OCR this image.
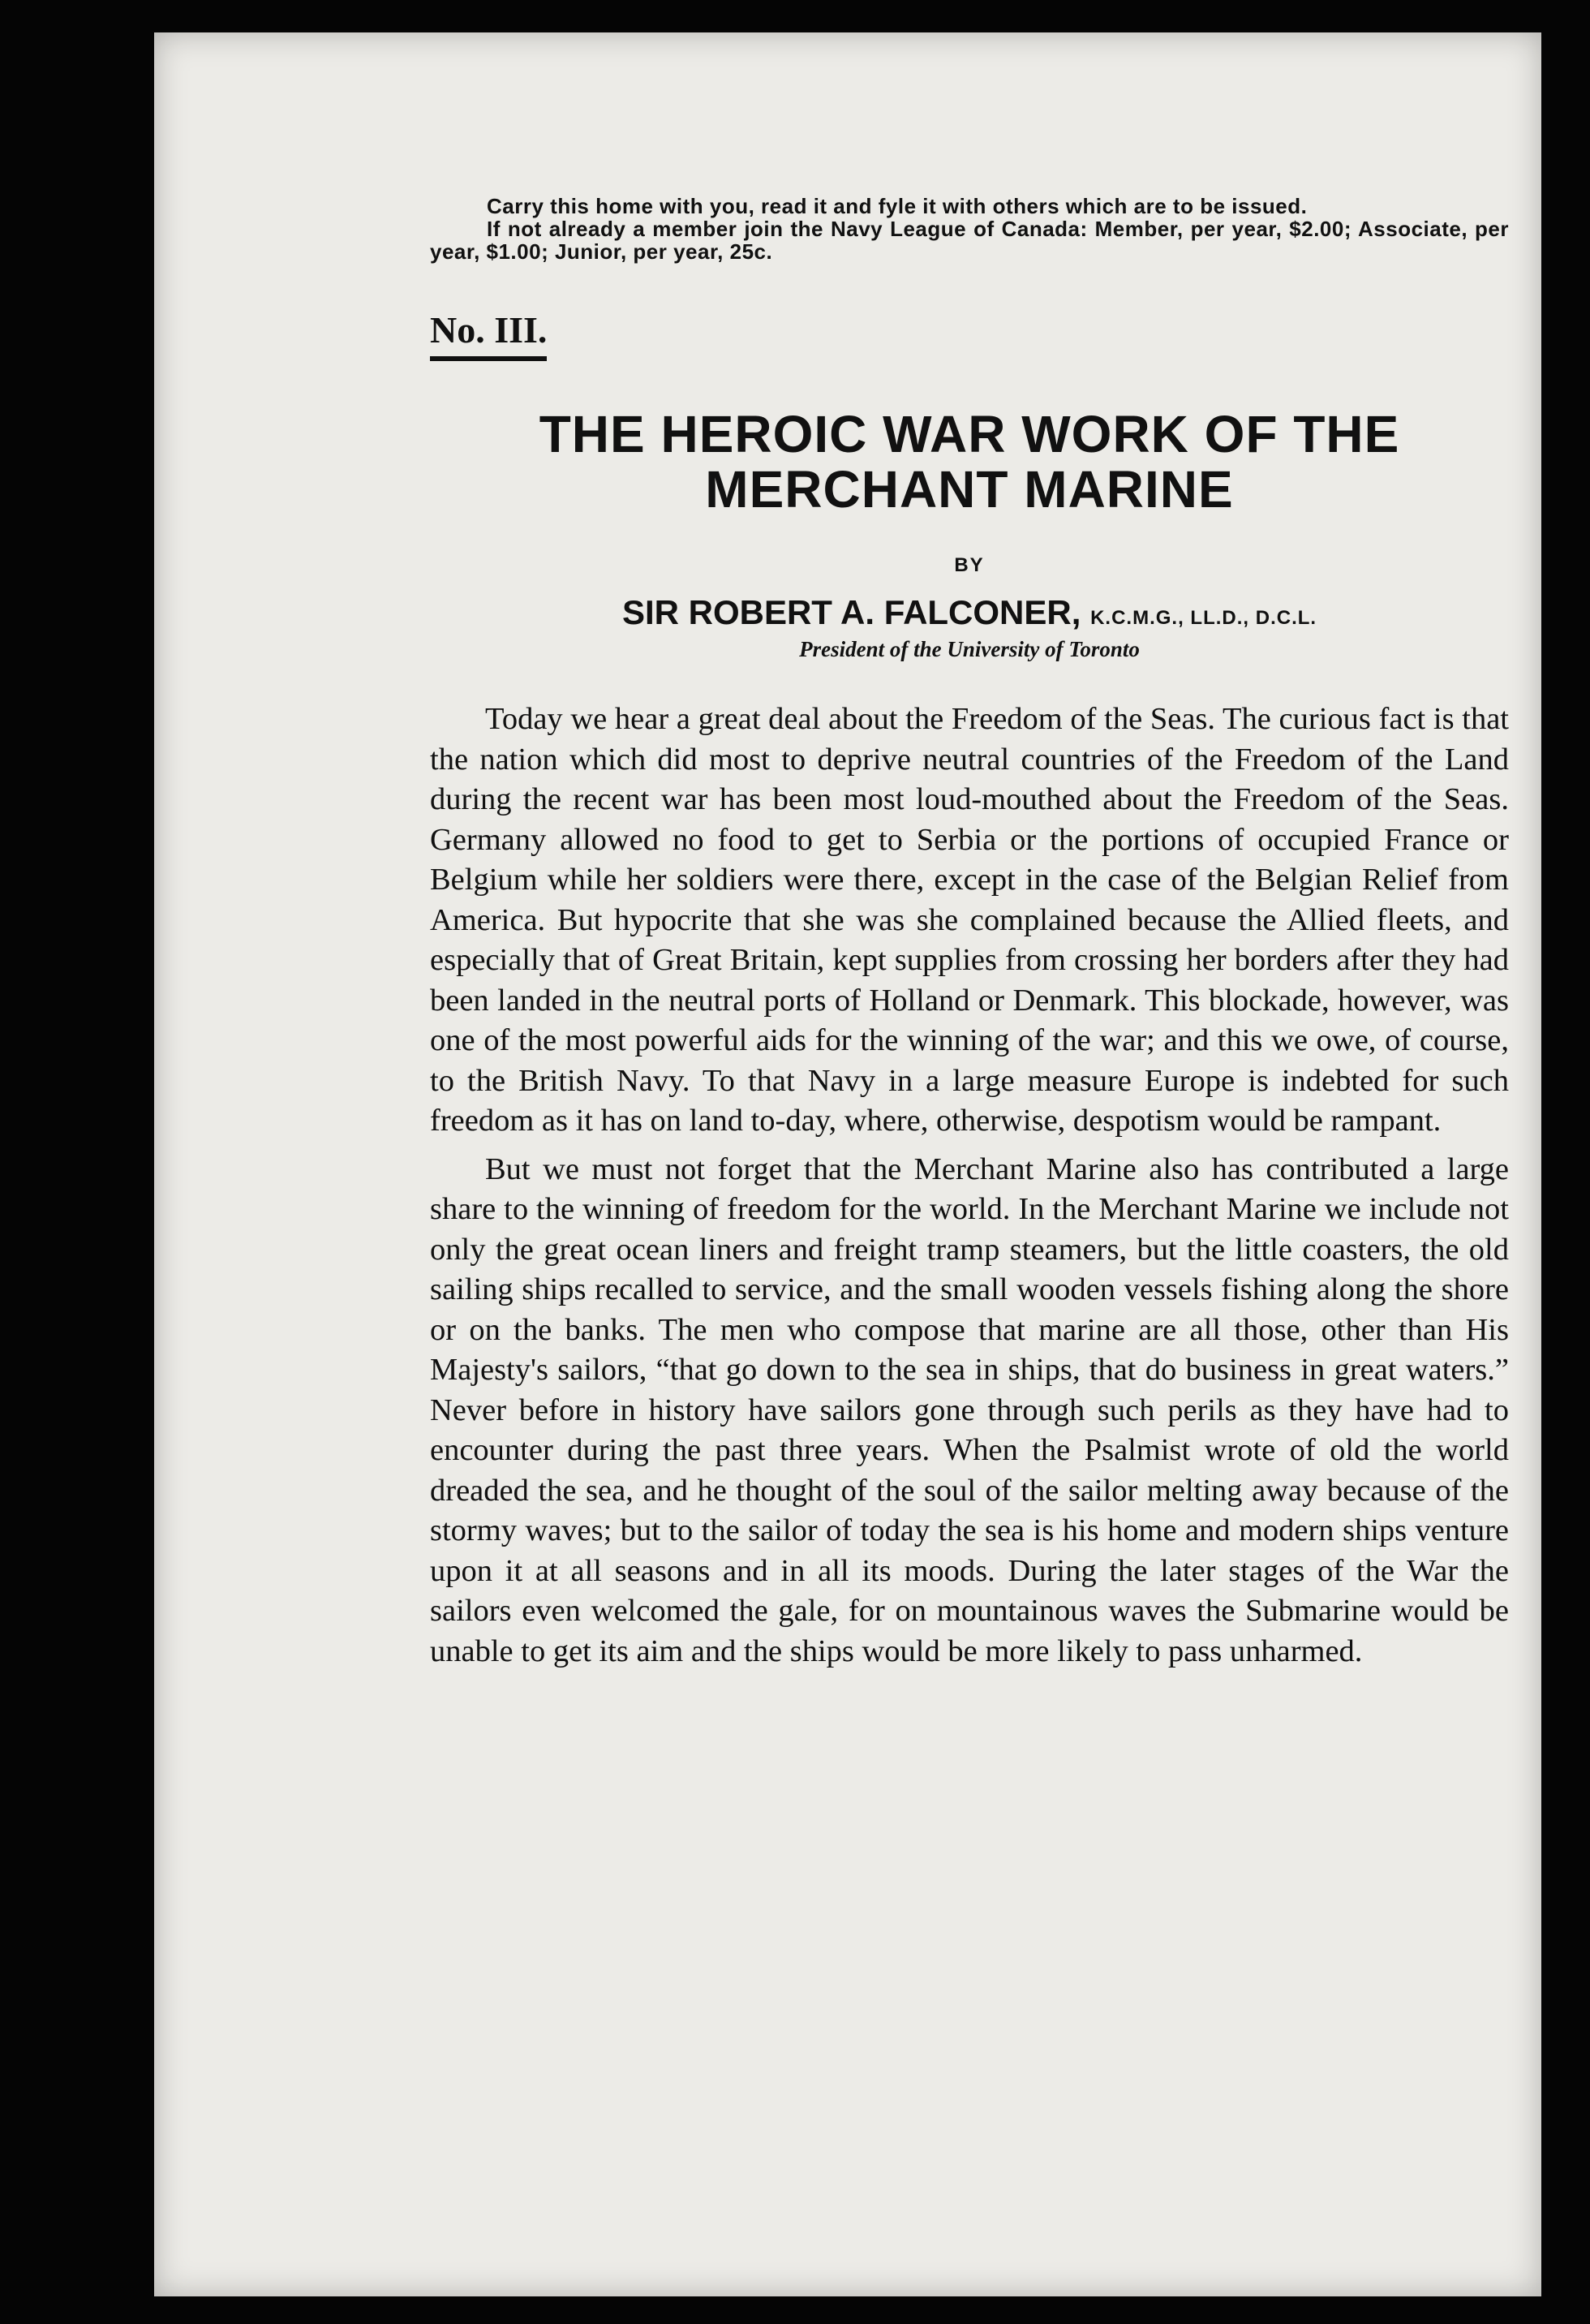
Carry this home with you, read it and fyle it with others which are to be issued.

If not already a member join the Navy League of Canada: Member, per year, $2.00; Associate, per year, $1.00; Junior, per year, 25c.

No. III.
THE HEROIC WAR WORK OF THE
MERCHANT MARINE
BY
SIR ROBERT A. FALCONER, K.C.M.G., LL.D., D.C.L.
President of the University of Toronto

Today we hear a great deal about the Freedom of the Seas. The curious fact is that the nation which did most to deprive neutral countries of the Freedom of the Land during the recent war has been most loud-mouthed about the Freedom of the Seas. Germany allowed no food to get to Serbia or the portions of occupied France or Belgium while her soldiers were there, except in the case of the Belgian Relief from America. But hypocrite that she was she complained because the Allied fleets, and especially that of Great Britain, kept supplies from crossing her borders after they had been landed in the neutral ports of Holland or Denmark. This blockade, however, was one of the most powerful aids for the winning of the war; and this we owe, of course, to the British Navy. To that Navy in a large measure Europe is indebted for such freedom as it has on land to-day, where, otherwise, despotism would be rampant.

But we must not forget that the Merchant Marine also has contributed a large share to the winning of freedom for the world. In the Merchant Marine we include not only the great ocean liners and freight tramp steamers, but the little coasters, the old sailing ships recalled to service, and the small wooden vessels fishing along the shore or on the banks. The men who compose that marine are all those, other than His Majesty's sailors, “that go down to the sea in ships, that do business in great waters.” Never before in history have sailors gone through such perils as they have had to encounter during the past three years. When the Psalmist wrote of old the world dreaded the sea, and he thought of the soul of the sailor melting away because of the stormy waves; but to the sailor of today the sea is his home and modern ships venture upon it at all seasons and in all its moods. During the later stages of the War the sailors even welcomed the gale, for on mountainous waves the Submarine would be unable to get its aim and the ships would be more likely to pass unharmed.
